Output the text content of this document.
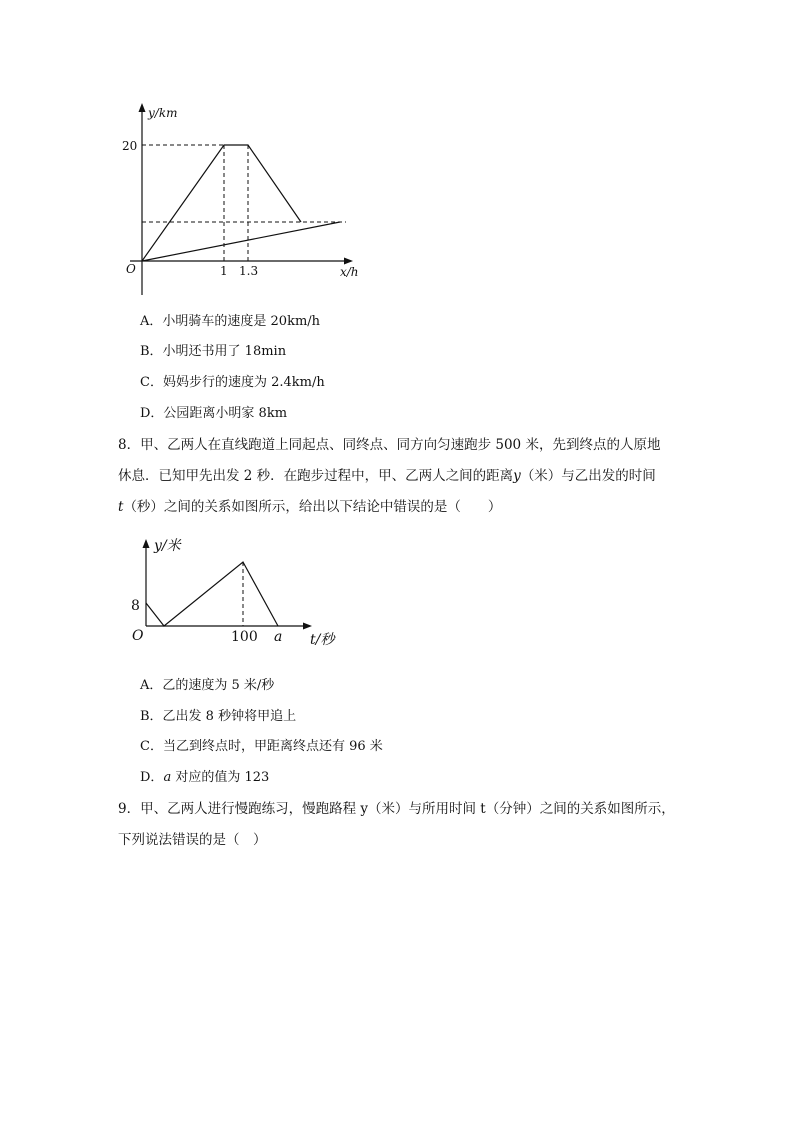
y/km
20
O	1 1.3	x/h
A．小明骑车的速度是 20km/h
B．小明还书用了 18min
C．妈妈步行的速度为 2.4km/h
D．公园距离小明家 8km
8．甲、乙两人在直线跑道上同起点、同终点、同方向匀速跑步 500 米，先到终点的人原地
休息．已知甲先出发 2 秒．在跑步过程中，甲、乙两人之间的距离y（米）与乙出发的时间
t（秒）之间的关系如图所示，给出以下结论中错误的是（　　）
y/米
8
O	100 a t/秒
A．乙的速度为 5 米/秒
B．乙出发 8 秒钟将甲追上
C．当乙到终点时，甲距离终点还有 96 米
D．a 对应的值为 123
9．甲、乙两人进行慢跑练习，慢跑路程 y（米）与所用时间 t（分钟）之间的关系如图所示，
下列说法错误的是（　）
